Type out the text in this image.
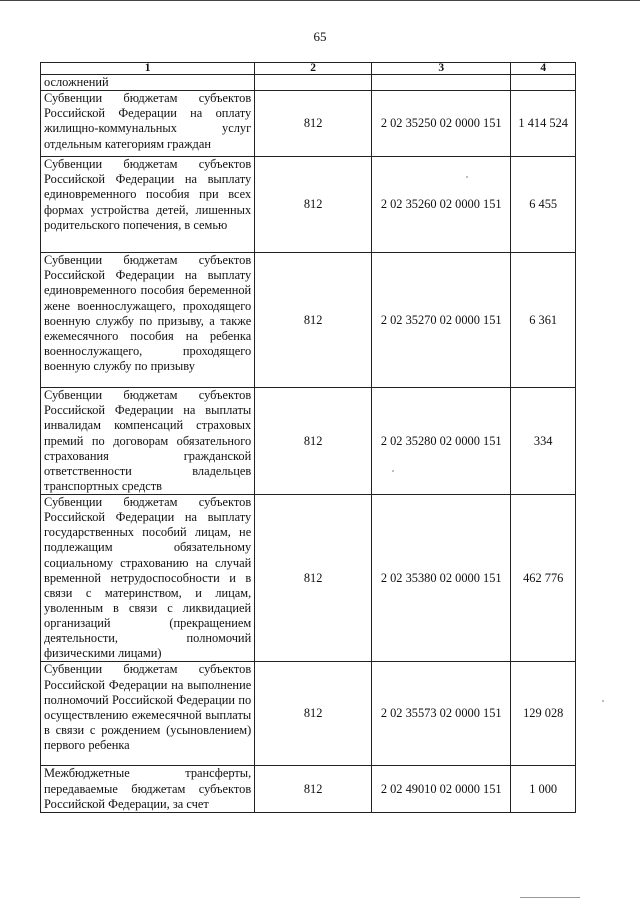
65
1	2	3	4
осложнений			
Субвенции бюджетам субъектов Российской Федерации на оплату жилищно-коммунальных услуг отдельным категориям граждан	812	2 02 35250 02 0000 151	1 414 524
Субвенции бюджетам субъектов Российской Федерации на выплату единовременного пособия при всех формах устройства детей, лишенных родительского попечения, в семью	812	2 02 35260 02 0000 151	6 455
Субвенции бюджетам субъектов Российской Федерации на выплату единовременного пособия беременной жене военнослужащего, проходящего военную службу по призыву, а также ежемесячного пособия на ребенка военнослужащего, проходящего военную службу по призыву	812	2 02 35270 02 0000 151	6 361
Субвенции бюджетам субъектов Российской Федерации на выплаты инвалидам компенсаций страховых премий по договорам обязательного страхования гражданской ответственности владельцев транспортных средств	812	2 02 35280 02 0000 151	334
Субвенции бюджетам субъектов Российской Федерации на выплату государственных пособий лицам, не подлежащим обязательному социальному страхованию на случай временной нетрудоспособности и в связи с материнством, и лицам, уволенным в связи с ликвидацией организаций (прекращением деятельности, полномочий физическими лицами)	812	2 02 35380 02 0000 151	462 776
Субвенции бюджетам субъектов Российской Федерации на выполнение полномочий Российской Федерации по осуществлению ежемесячной выплаты в связи с рождением (усыновлением) первого ребенка	812	2 02 35573 02 0000 151	129 028
Межбюджетные трансферты, передаваемые бюджетам субъектов Российской Федерации, за счет	812	2 02 49010 02 0000 151	1 000
